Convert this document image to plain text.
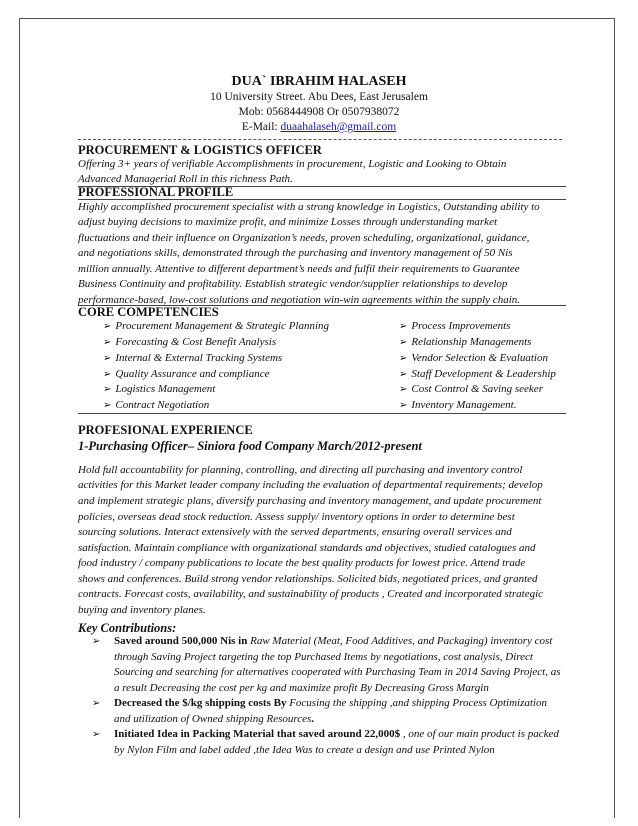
DUA` IBRAHIM HALASEH
10 University Street. Abu Dees, East Jerusalem
Mob: 0568444908 Or 0507938072
E-Mail: duaahalaseh@gmail.com
PROCUREMENT & LOGISTICS OFFICER
Offering 3+ years of verifiable Accomplishments in procurement, Logistic and Looking to Obtain
Advanced Managerial Roll in this richness Path.
PROFESSIONAL PROFILE
Highly accomplished procurement specialist with a strong knowledge in Logistics, Outstanding ability to
adjust buying decisions to maximize profit, and minimize Losses through understanding market
fluctuations and their influence on Organization’s needs, proven scheduling, organizational, guidance,
and negotiations skills, demonstrated through the purchasing and inventory management of 50 Nis
million annually. Attentive to different department’s needs and fulfil their requirements to Guarantee
Business Continuity and profitability. Establish strategic vendor/supplier relationships to develop
performance-based, low-cost solutions and negotiation win-win agreements within the supply chain.
CORE COMPETENCIES
➢ Procurement Management & Strategic Planning
➢ Forecasting & Cost Benefit Analysis
➢ Internal & External Tracking Systems
➢ Quality Assurance and compliance
➢ Logistics Management
➢ Contract Negotiation
➢ Process Improvements
➢ Relationship Managements
➢ Vendor Selection & Evaluation
➢ Staff Development & Leadership
➢ Cost Control & Saving seeker
➢ Inventory Management.
PROFESIONAL EXPERIENCE
1-Purchasing Officer– Siniora food Company March/2012-present
Hold full accountability for planning, controlling, and directing all purchasing and inventory control
activities for this Market leader company including the evaluation of departmental requirements; develop
and implement strategic plans, diversify purchasing and inventory management, and update procurement
policies, overseas dead stock reduction. Assess supply/ inventory options in order to determine best
sourcing solutions. Interact extensively with the served departments, ensuring overall services and
satisfaction. Maintain compliance with organizational standards and objectives, studied catalogues and
food industry / company publications to locate the best quality products for lowest price. Attend trade
shows and conferences. Build strong vendor relationships. Solicited bids, negotiated prices, and granted
contracts. Forecast costs, availability, and sustainability of products , Created and incorporated strategic
buying and inventory planes.
Key Contributions:
➢ Saved around 500,000 Nis in Raw Material (Meat, Food Additives, and Packaging) inventory cost through Saving Project targeting the top Purchased Items by negotiations, cost analysis, Direct Sourcing and searching for alternatives cooperated with Purchasing Team in 2014 Saving Project, as a result Decreasing the cost per kg and maximize profit By Decreasing Gross Margin
➢ Decreased the $/kg shipping costs By Focusing the shipping ,and shipping Process Optimization and utilization of Owned shipping Resources.
➢ Initiated Idea in Packing Material that saved around 22,000$ , one of our main product is packed by Nylon Film and label added ,the Idea Was to create a design and use Printed Nylon
